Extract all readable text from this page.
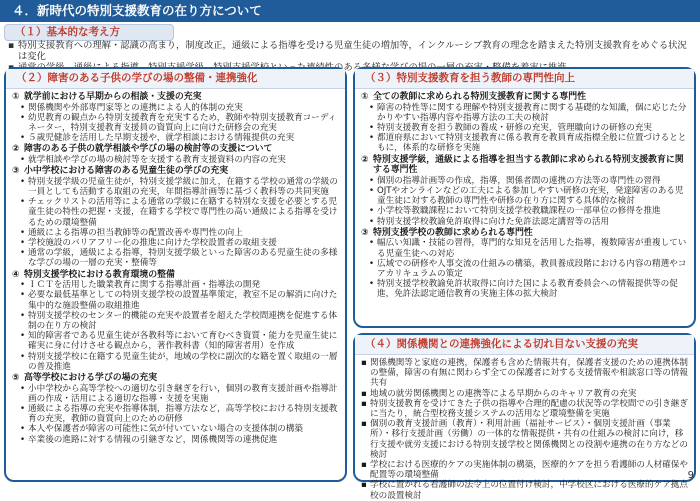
４．新時代の特別支援教育の在り方について
（１）基本的な考え方
▪ 特別支援教育への理解・認識の高まり，制度改正，通級による指導を受ける児童生徒の増加等，インクルーシブ教育の理念を踏まえた特別支援教育をめぐる状況は変化
▪
（２）障害のある子供の学びの場の整備・連携強化
① 就学前における早期からの相談・支援の充実
• 関係機関や外部専門家等との連携による人的体制の充実
• 幼児教育の観点から特別支援教育を充実するため，教師や特別支援教育コーディネーター，特別支援教育支援員の資質向上に向けた研修会の充実
• ５歳児健診を活用した早期支援や，就学相談における情報提供の充実
② 障害のある子供の就学相談や学びの場の検討等の支援について
• 就学相談や学びの場の検討等を支援する教育支援資料の内容の充実
③ 小中学校における障害のある児童生徒の学びの充実
• 特別支援学級の児童生徒が，特別支援学級に加え，在籍する学校の通常の学級の一員としても活動する取組の充実，年間指導計画等に基づく教科等の共同実施
• チェックリストの活用等による通常の学級に在籍する特別な支援を必要とする児童生徒の特性の把握・支援，在籍する学校で専門性の高い通級による指導を受けるための環境整備
• 通級による指導の担当教師等の配置改善や専門性の向上
• 学校施設のバリアフリー化の推進に向けた学校設置者の取組支援
• 通常の学級，通級による指導，特別支援学級といった障害のある児童生徒の多様な学びの場の一層の充実・整備等
④ 特別支援学校における教育環境の整備
• ＩＣＴを活用した職業教育に関する指導計画・指導法の開発
• 必要な最低基準としての特別支援学校の設置基準策定，教室不足の解消に向けた集中的な施設整備の取組推進
• 特別支援学校のセンター的機能の充実や設置者を超えた学校間連携を促進する体制の在り方の検討
• 知的障害者である児童生徒が各教科等において育むべき資質・能力を児童生徒に確実に身に付けさせる観点から，著作教科書（知的障害者用）を作成
• 特別支援学校に在籍する児童生徒が，地域の学校に副次的な籍を置く取組の一層の普及推進
⑤ 高等学校における学びの場の充実
• 小中学校から高等学校への適切な引き継ぎを行い，個別の教育支援計画や指導計画の作成・活用による適切な指導・支援を実施
• 通級による指導の充実や指導体制，指導方法など，高等学校における特別支援教育の充実，教師の資質向上のための研修
• 本人や保護者が障害の可能性に気が付いていない場合の支援体制の構築
• 卒業後の進路に対する情報の引継ぎなど，関係機関等の連携促進
（３）特別支援教育を担う教師の専門性向上
① 全ての教師に求められる特別支援教育に関する専門性
• 障害の特性等に関する理解や特別支援教育に関する基礎的な知識，個に応じた分かりやすい指導内容や指導方法の工夫の検討
• 特別支援教育を担う教師の養成・研修の充実，管理職向けの研修の充実
• 都道府県において特別支援教育に係る教育を教員育成指標全般に位置づけるとともに，体系的な研修を実施
② 特別支援学級，通級による指導を担当する教師に求められる特別支援教育に関する専門性
• 個別の指導計画等の作成，指導，関係者間の連携の方法等の専門性の習得
• OJTやオンラインなどの工夫による参加しやすい研修の充実，発達障害のある児童生徒に対する教師の専門性や研修の在り方に関する具体的な検討
• 小学校等教職課程において特別支援学校教職課程の一部単位の修得を推進
• 特別支援学校教諭免許取得に向けた免許法認定講習等の活用
③ 特別支援学校の教師に求められる専門性
• 幅広い知識・技能の習得，専門的な知見を活用した指導，複数障害が重複している児童生徒への対応
• 広域での研修や人事交流の仕組みの構築，教員養成段階における内容の精選やコアカリキュラムの策定
• 特別支援学校教諭免許状取得に向けた国による教育委員会への情報提供等の促進，免許法認定通信教育の実施主体の拡大検討
（４）関係機関との連携強化による切れ目ない支援の充実
▪ 関係機関等と家庭の連携，保護者も含めた情報共有，保護者支援のための連携体制の整備，障害の有無に関わらず全ての保護者に対する支援情報や相談窓口等の情報共有
▪ 地域の就労関係機関との連携等による早期からのキャリア教育の充実
▪ 特別支援教育を受けてきた子供の指導や合理的配慮の状況等の学校間での引き継ぎに当たり，統合型校務支援システムの活用など環境整備を実施
▪ 個別の教育支援計画（教育）・利用計画（福祉サービス）・個別支援計画（事業所）・移行支援計画（労働）の一体的な情報提供・共有の仕組みの検討に向け，移行支援や就労支援における特別支援学校と関係機関との役割や連携の在り方などの検討
▪ 学校における医療的ケアの実施体制の構築，医療的ケアを担う看護師の人材確保や配置等の環境整備
▪ 学校に置かれる看護師の法令上の位置付け検討，中学校区における医療的ケア拠点校の設置検討
9
